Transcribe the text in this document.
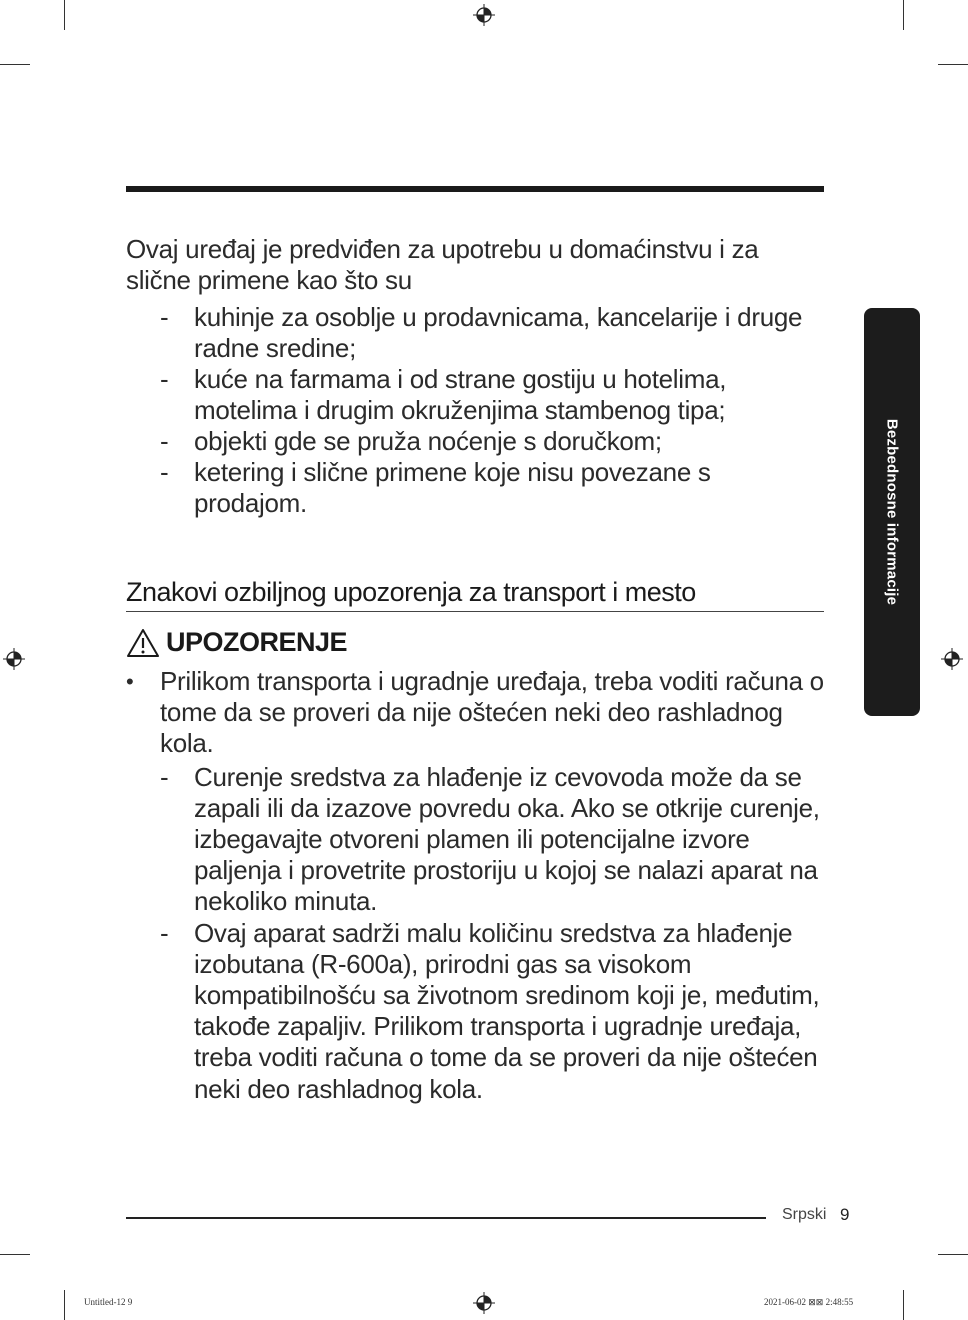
Ovaj uređaj je predviđen za upotrebu u domaćinstvu i za slične primene kao što su

- kuhinje za osoblje u prodavnicama, kancelarije i druge radne sredine;
- kuće na farmama i od strane gostiju u hotelima, motelima i drugim okruženjima stambenog tipa;
- objekti gde se pruža noćenje s doručkom;
- ketering i slične primene koje nisu povezane s prodajom.
Znakovi ozbiljnog upozorenja za transport i mesto
UPOZORENJE
• Prilikom transporta i ugradnje uređaja, treba voditi računa o tome da se proveri da nije oštećen neki deo rashladnog kola.
- Curenje sredstva za hlađenje iz cevovoda može da se zapali ili da izazove povredu oka. Ako se otkrije curenje, izbegavajte otvoreni plamen ili potencijalne izvore paljenja i provetrite prostoriju u kojoj se nalazi aparat na nekoliko minuta.
- Ovaj aparat sadrži malu količinu sredstva za hlađenje izobutana (R-600a), prirodni gas sa visokom kompatibilnošću sa životnom sredinom koji je, međutim, takođe zapaljiv. Prilikom transporta i ugradnje uređaja, treba voditi računa o tome da se proveri da nije oštećen neki deo rashladnog kola.
Bezbednosne informacije
Srpski 9
Untitled-12 9	2021-06-02 ⊠⊠ 2:48:55
